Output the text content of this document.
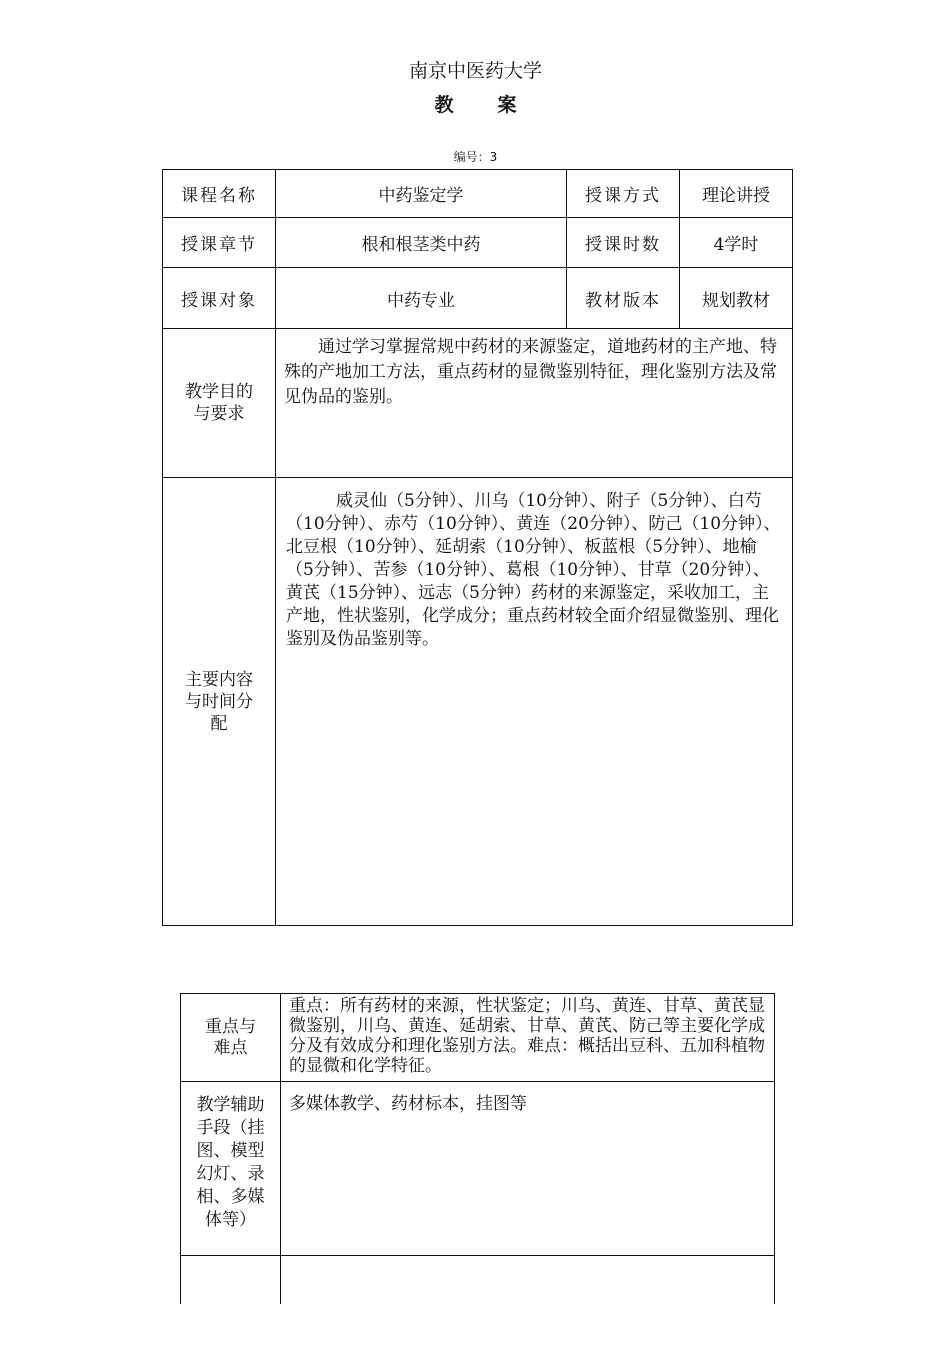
南京中医药大学
教案
编号：3
课程名称	中药鉴定学	授课方式	理论讲授
授课章节	根和根茎类中药	授课时数	4学时
授课对象	中药专业	教材版本	规划教材
教学目的与要求	通过学习掌握常规中药材的来源鉴定，道地药材的主产地、特殊的产地加工方法，重点药材的显微鉴别特征，理化鉴别方法及常见伪品的鉴别。		
主要内容与时间分配	威灵仙（5分钟）、川乌（10分钟）、附子（5分钟）、白芍（10分钟）、赤芍（10分钟）、黄连（20分钟）、防己（10分钟）、北豆根（10分钟）、延胡索（10分钟）、板蓝根（5分钟）、地榆（5分钟）、苦参（10分钟）、葛根（10分钟）、甘草（20分钟）、黄芪（15分钟）、远志（5分钟）药材的来源鉴定，采收加工，主产地，性状鉴别，化学成分；重点药材较全面介绍显微鉴别、理化鉴别及伪品鉴别等。		
重点与难点	重点：所有药材的来源，性状鉴定；川乌、黄连、甘草、黄芪显微鉴别，川乌、黄连、延胡索、甘草、黄芪、防己等主要化学成分及有效成分和理化鉴别方法。难点：概括出豆科、五加科植物的显微和化学特征。
教学辅助手段（挂图、模型幻灯、录相、多媒体等）	多媒体教学、药材标本，挂图等
